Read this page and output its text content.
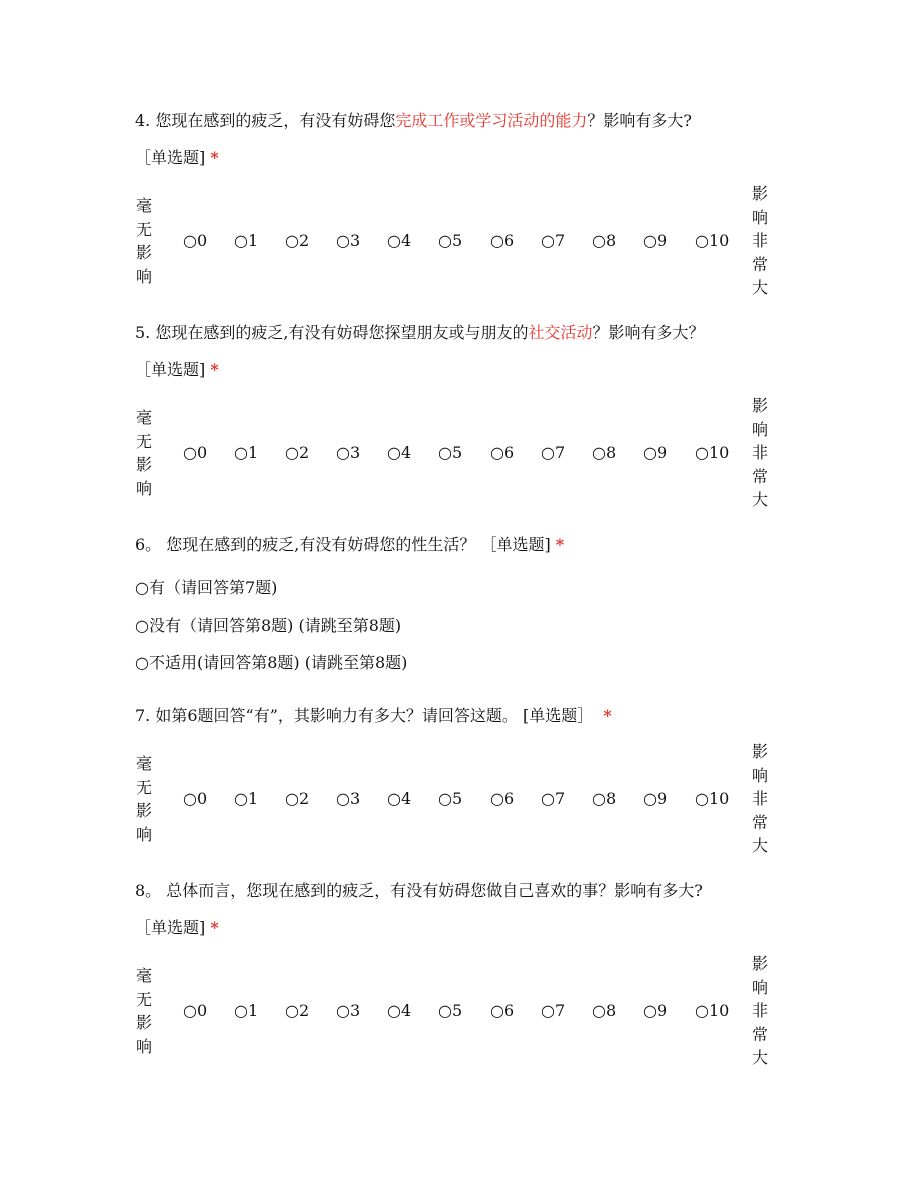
4. 您现在感到的疲乏，有没有妨碍您完成工作或学习活动的能力？影响有多大?
［单选题] *
毫
无
影
响
○0 ○1 ○2 ○3 ○4 ○5 ○6 ○7 ○8 ○9 ○10
影
响
非
常
大
5. 您现在感到的疲乏,有没有妨碍您探望朋友或与朋友的社交活动？影响有多大？
［单选题] *
毫
无
影
响
○0 ○1 ○2 ○3 ○4 ○5 ○6 ○7 ○8 ○9 ○10
影
响
非
常
大
6。 您现在感到的疲乏,有没有妨碍您的性生活？ ［单选题] *
○有（请回答第7题)
○没有（请回答第8题) (请跳至第8题)
○不适用(请回答第8题) (请跳至第8题)
7. 如第6题回答“有”，其影响力有多大？请回答这题。 [单选题］ *
毫
无
影
响
○0 ○1 ○2 ○3 ○4 ○5 ○6 ○7 ○8 ○9 ○10
影
响
非
常
大
8。 总体而言，您现在感到的疲乏，有没有妨碍您做自己喜欢的事？影响有多大?
［单选题] *
毫
无
影
响
○0 ○1 ○2 ○3 ○4 ○5 ○6 ○7 ○8 ○9 ○10
影
响
非
常
大
